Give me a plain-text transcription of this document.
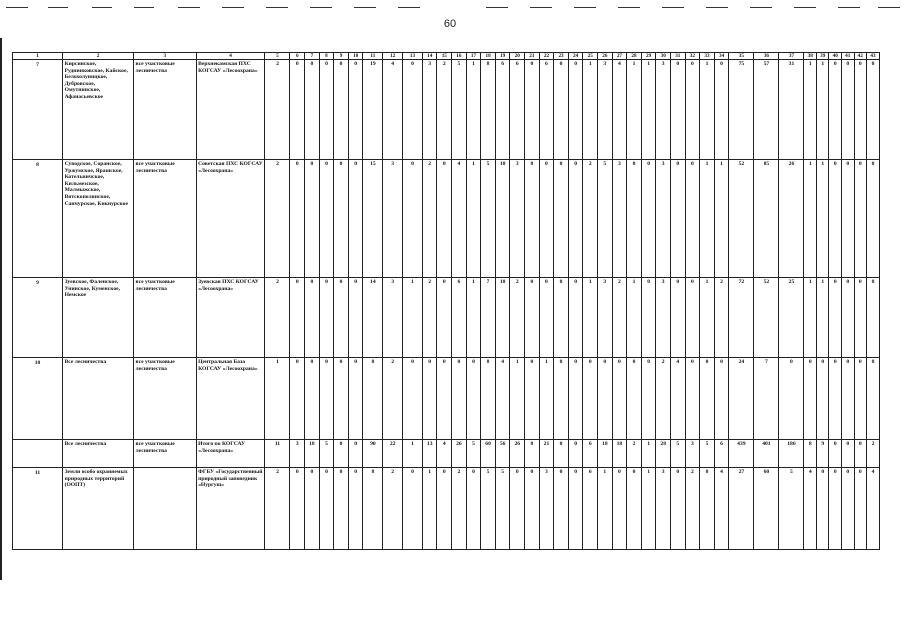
60
1	2	3	4	5	6	7	8	9	10	11	12	13	14	15	16	17	18	19	20	21	22	23	24	25	26	27	28	29	30	31	32	33	34	35	36	37	38	39	40	41	42	43
7	Кирсинское, Руднинковское, Кайское, Белохолуницкое, Дубровское, Омутнинское, Афанасьевское	все участковые лесничества	Верхнекамская ПХС КОГСАУ «Лесоохрана»	2	0	0	0	0	0	19	4	0	3	2	5	1	8	6	6	0	6	0	0	1	3	4	1	1	3	0	0	1	0	75	57	31	1	1	0	0	0	0
8	Суводское, Соранское, Уржумское, Ярашское, Котельничское, Кильмезское, Малмыжское, Вятскополянское, Санчурское, Кикнурское	все участковые лесничества	Советская ПХС КОГСАУ «Лесоохрана»	2	0	0	0	0	0	15	3	0	2	0	4	1	5	10	3	0	0	0	0	2	5	3	0	0	3	0	0	1	1	52	85	26	1	1	0	0	0	0
9	Зуевское, Фаленское, Унинское, Куменское, Немское	все участковые лесничества	Зуевская ПХС КОГСАУ «Лесоохрана»	2	0	0	0	0	0	14	3	1	2	0	6	1	7	10	2	0	0	0	0	1	3	2	1	0	3	0	0	1	2	72	52	25	1	1	0	0	0	0
10	Все лесничества	все участковые лесничества	Центральная База КОГСАУ «Лесоохрана»	1	0	0	0	0	0	8	2	0	0	0	0	0	8	4	1	0	1	0	0	0	0	0	0	0	2	4	0	0	0	24	7	0	0	0	0	0	0	0
	Все лесничества	все участковые лесничества	Итого по КОГСАУ «Лесоохрана»	11	3	18	5	0	0	90	22	1	13	4	26	5	60	56	26	0	21	0	0	6	18	18	2	1	28	5	3	5	6	439	401	186	8	9	0	0	0	2
11	Земли особо охраняемых природных территорий (ООПТ)		ФГБУ «Государственный природный заповедник «Нургуш»	2	0	0	0	0	0	8	2	0	1	0	2	0	5	5	0	0	3	0	0	6	1	0	0	1	3	0	2	0	4	27	60	5	4	0	0	0	0	4
